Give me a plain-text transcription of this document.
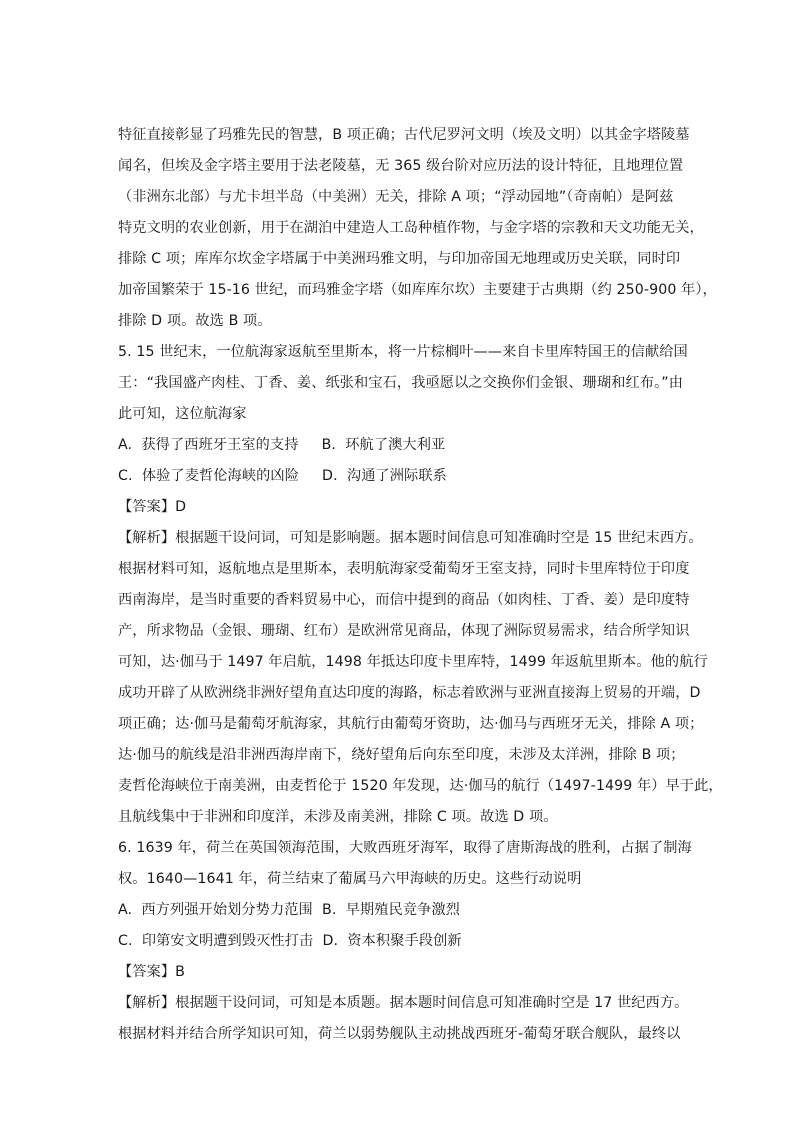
特征直接彰显了玛雅先民的智慧，B 项正确；古代尼罗河文明（埃及文明）以其金字塔陵墓
闻名，但埃及金字塔主要用于法老陵墓，无 365 级台阶对应历法的设计特征，且地理位置
（非洲东北部）与尤卡坦半岛（中美洲）无关，排除 A 项；“浮动园地”（奇南帕）是阿兹
特克文明的农业创新，用于在湖泊中建造人工岛种植作物，与金字塔的宗教和天文功能无关，
排除 C 项；库库尔坎金字塔属于中美洲玛雅文明，与印加帝国无地理或历史关联，同时印
加帝国繁荣于 15-16 世纪，而玛雅金字塔（如库库尔坎）主要建于古典期（约 250-900 年），
排除 D 项。故选 B 项。
5. 15 世纪末，一位航海家返航至里斯本，将一片棕榈叶——来自卡里库特国王的信献给国
王：“我国盛产肉桂、丁香、姜、纸张和宝石，我亟愿以之交换你们金银、珊瑚和红布。”由
此可知，这位航海家
A.  获得了西班牙王室的支持     B.  环航了澳大利亚
C.  体验了麦哲伦海峡的凶险     D.  沟通了洲际联系
【答案】D
【解析】根据题干设问词，可知是影响题。据本题时间信息可知准确时空是 15 世纪末西方。
根据材料可知，返航地点是里斯本，表明航海家受葡萄牙王室支持，同时卡里库特位于印度
西南海岸，是当时重要的香料贸易中心，而信中提到的商品（如肉桂、丁香、姜）是印度特
产，所求物品（金银、珊瑚、红布）是欧洲常见商品，体现了洲际贸易需求，结合所学知识
可知，达·伽马于 1497 年启航，1498 年抵达印度卡里库特，1499 年返航里斯本。他的航行
成功开辟了从欧洲绕非洲好望角直达印度的海路，标志着欧洲与亚洲直接海上贸易的开端，D
项正确；达·伽马是葡萄牙航海家，其航行由葡萄牙资助，达·伽马与西班牙无关，排除 A 项；
达·伽马的航线是沿非洲西海岸南下，绕好望角后向东至印度，未涉及太洋洲，排除 B 项；
麦哲伦海峡位于南美洲，由麦哲伦于 1520 年发现，达·伽马的航行（1497-1499 年）早于此，
且航线集中于非洲和印度洋，未涉及南美洲，排除 C 项。故选 D 项。
6. 1639 年，荷兰在英国领海范围，大败西班牙海军，取得了唐斯海战的胜利，占据了制海
权。1640—1641 年，荷兰结束了葡属马六甲海峡的历史。这些行动说明
A.  西方列强开始划分势力范围  B.  早期殖民竞争激烈
C.  印第安文明遭到毁灭性打击  D.  资本积聚手段创新
【答案】B
【解析】根据题干设问词，可知是本质题。据本题时间信息可知准确时空是 17 世纪西方。
根据材料并结合所学知识可知，荷兰以弱势舰队主动挑战西班牙-葡萄牙联合舰队，最终以
